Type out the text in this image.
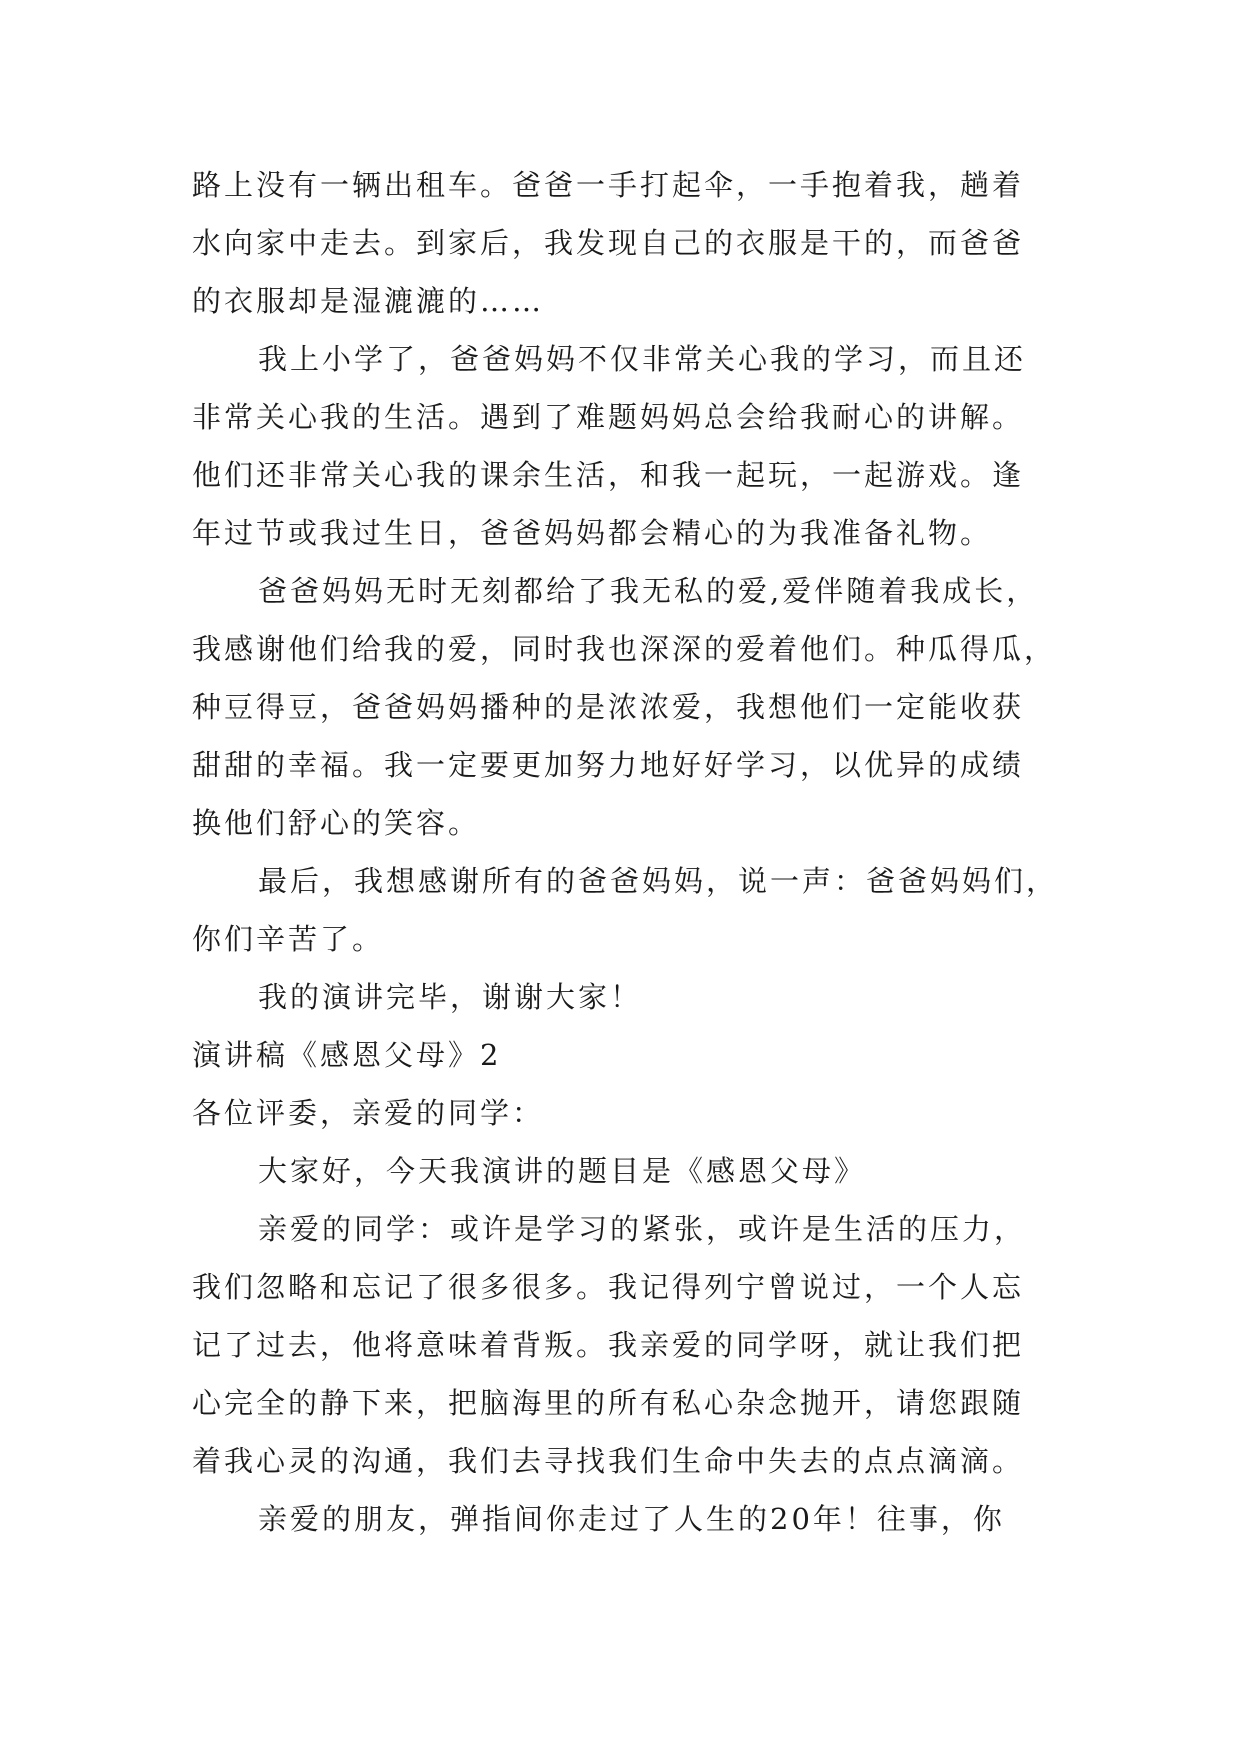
路上没有一辆出租车。爸爸一手打起伞，一手抱着我，趟着
水向家中走去。到家后，我发现自己的衣服是干的，而爸爸
的衣服却是湿漉漉的……
我上小学了，爸爸妈妈不仅非常关心我的学习，而且还
非常关心我的生活。遇到了难题妈妈总会给我耐心的讲解。
他们还非常关心我的课余生活，和我一起玩，一起游戏。逢
年过节或我过生日，爸爸妈妈都会精心的为我准备礼物。
爸爸妈妈无时无刻都给了我无私的爱,爱伴随着我成长，
我感谢他们给我的爱，同时我也深深的爱着他们。种瓜得瓜，
种豆得豆，爸爸妈妈播种的是浓浓爱，我想他们一定能收获
甜甜的幸福。我一定要更加努力地好好学习，以优异的成绩
换他们舒心的笑容。
最后，我想感谢所有的爸爸妈妈，说一声：爸爸妈妈们，
你们辛苦了。
我的演讲完毕，谢谢大家！
演讲稿《感恩父母》2
各位评委，亲爱的同学：
大家好，今天我演讲的题目是《感恩父母》
亲爱的同学：或许是学习的紧张，或许是生活的压力，
我们忽略和忘记了很多很多。我记得列宁曾说过，一个人忘
记了过去，他将意味着背叛。我亲爱的同学呀，就让我们把
心完全的静下来，把脑海里的所有私心杂念抛开，请您跟随
着我心灵的沟通，我们去寻找我们生命中失去的点点滴滴。
亲爱的朋友，弹指间你走过了人生的20年！往事，你
